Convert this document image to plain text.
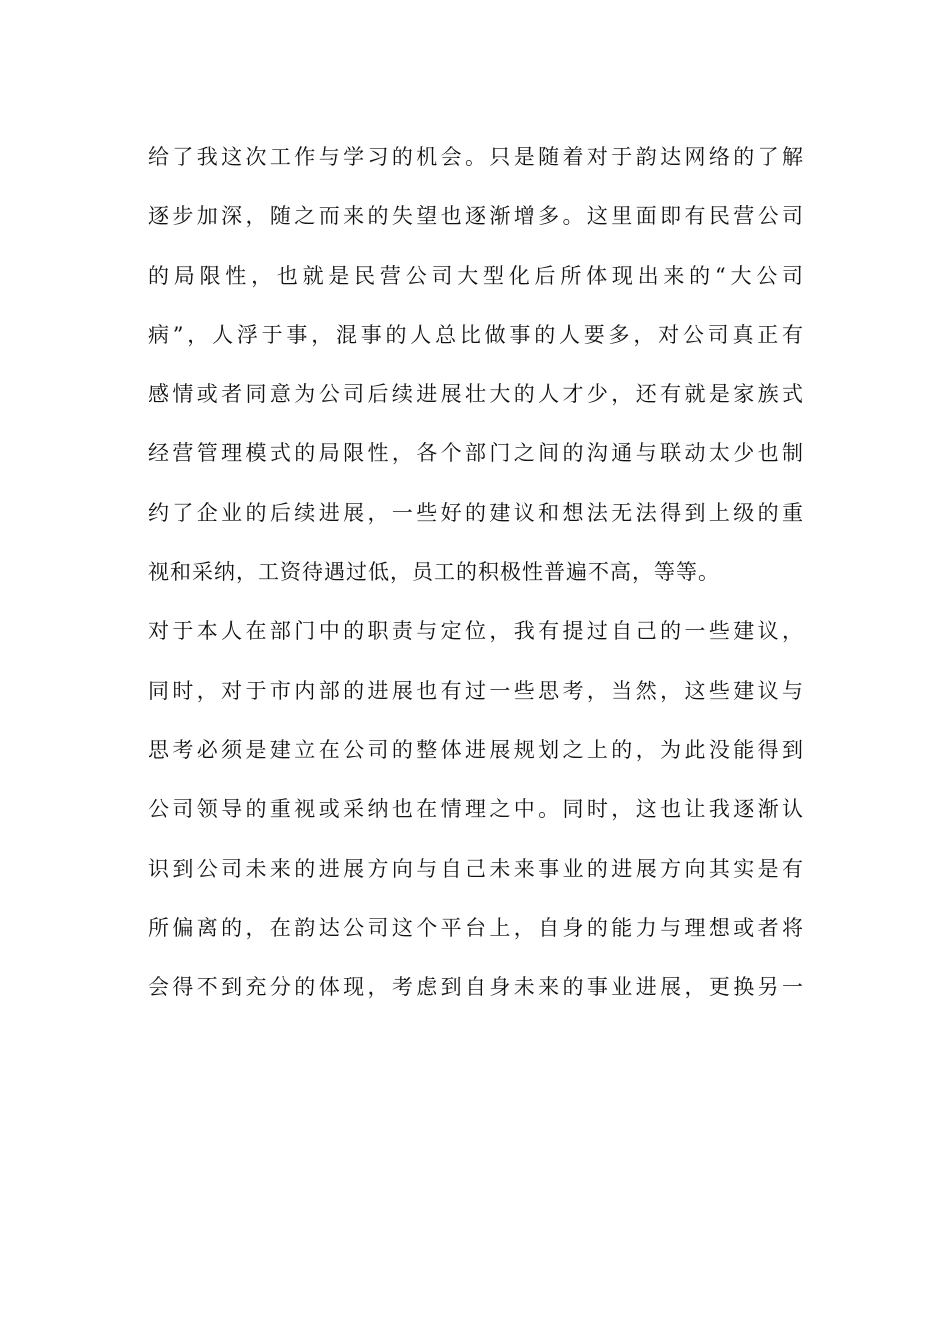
给了我这次工作与学习的机会。只是随着对于韵达网络的了解
逐步加深，随之而来的失望也逐渐增多。这里面即有民营公司
的局限性，也就是民营公司大型化后所体现出来的“大公司
病”，人浮于事，混事的人总比做事的人要多，对公司真正有
感情或者同意为公司后续进展壮大的人才少，还有就是家族式
经营管理模式的局限性，各个部门之间的沟通与联动太少也制
约了企业的后续进展，一些好的建议和想法无法得到上级的重
视和采纳，工资待遇过低，员工的积极性普遍不高，等等。
对于本人在部门中的职责与定位，我有提过自己的一些建议，
同时，对于市内部的进展也有过一些思考，当然，这些建议与
思考必须是建立在公司的整体进展规划之上的，为此没能得到
公司领导的重视或采纳也在情理之中。同时，这也让我逐渐认
识到公司未来的进展方向与自己未来事业的进展方向其实是有
所偏离的，在韵达公司这个平台上，自身的能力与理想或者将
会得不到充分的体现，考虑到自身未来的事业进展，更换另一
